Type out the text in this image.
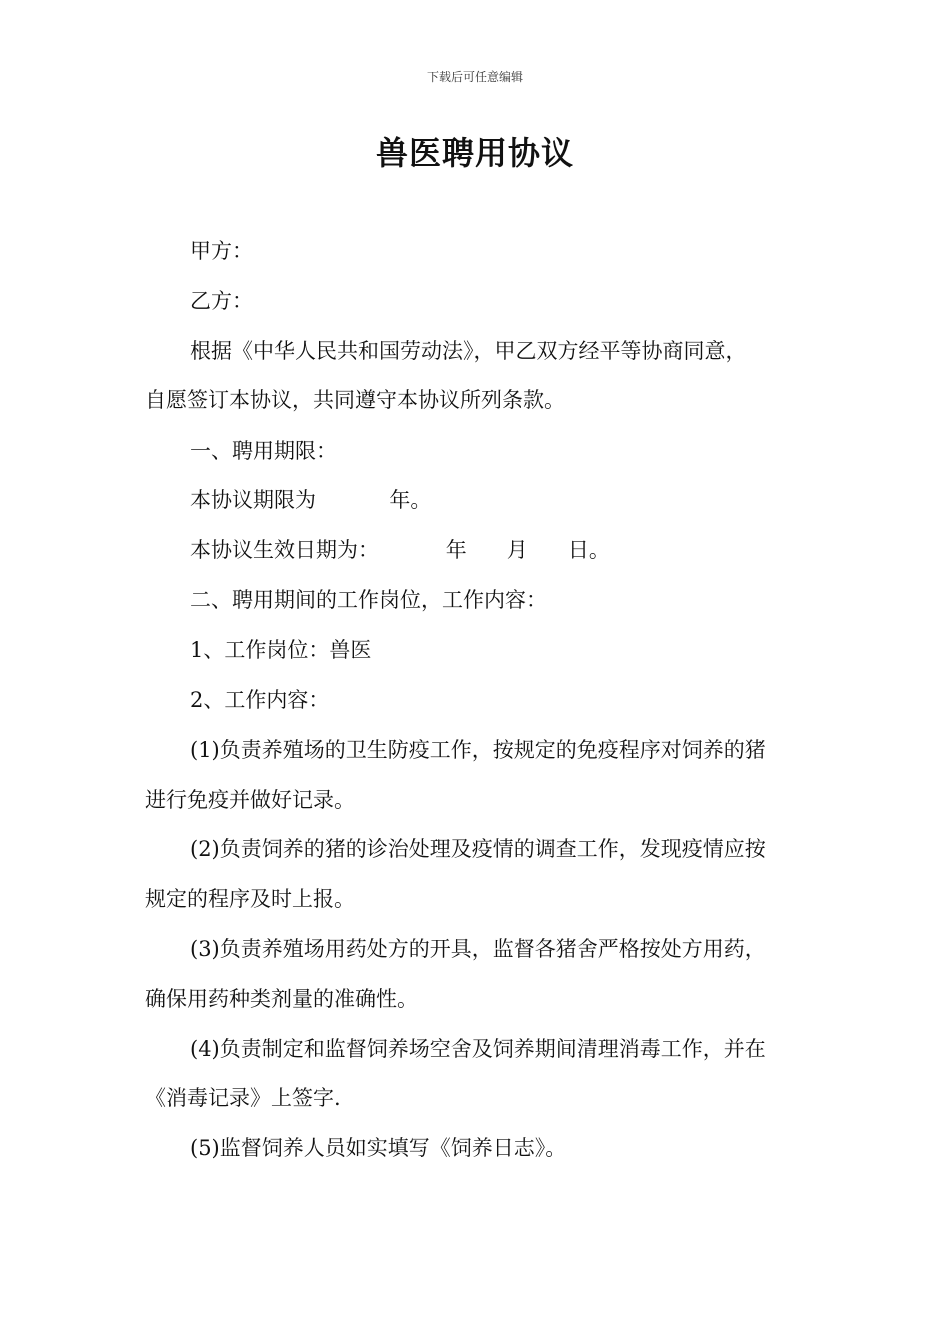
下载后可任意编辑
兽医聘用协议
甲方：
乙方：
根据《中华人民共和国劳动法》，甲乙双方经平等协商同意，
自愿签订本协议，共同遵守本协议所列条款。
一、聘用期限：
本协议期限为           年。
本协议生效日期为：          年      月      日。
二、聘用期间的工作岗位，工作内容：
1、工作岗位：兽医
2、工作内容：
(1)负责养殖场的卫生防疫工作，按规定的免疫程序对饲养的猪
进行免疫并做好记录。
(2)负责饲养的猪的诊治处理及疫情的调查工作，发现疫情应按
规定的程序及时上报。
(3)负责养殖场用药处方的开具，监督各猪舍严格按处方用药，
确保用药种类剂量的准确性。
(4)负责制定和监督饲养场空舍及饲养期间清理消毒工作，并在
《消毒记录》上签字.
(5)监督饲养人员如实填写《饲养日志》。
